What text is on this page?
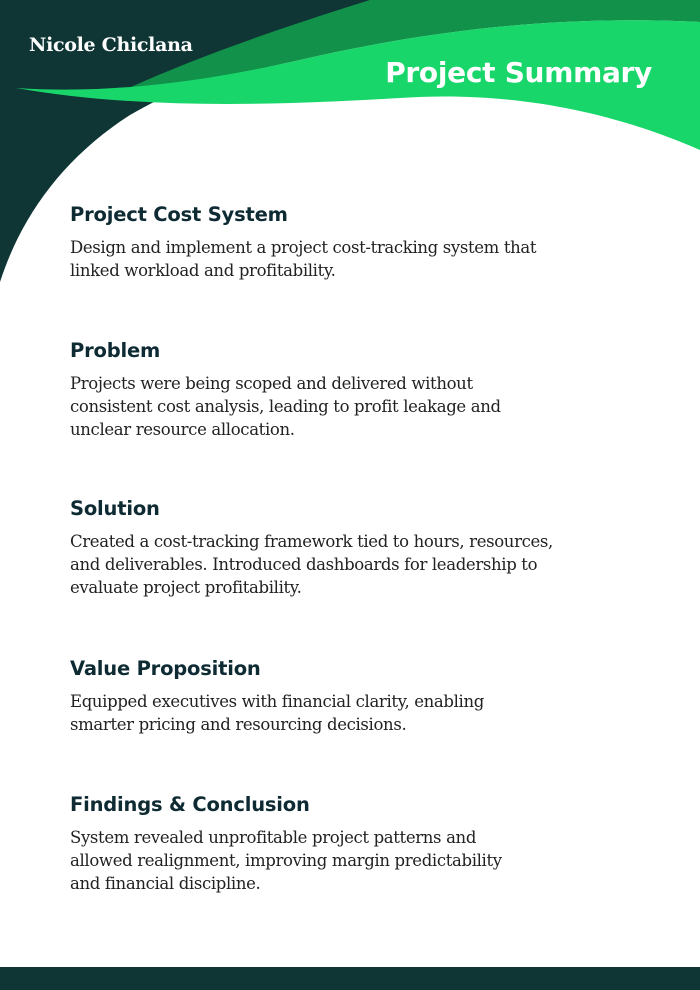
Nicole Chiclana
Project Summary
Project Cost System

Design and implement a project cost-tracking system that
linked workload and profitability.

Problem

Projects were being scoped and delivered without
consistent cost analysis, leading to profit leakage and
unclear resource allocation.

Solution

Created a cost-tracking framework tied to hours, resources,
and deliverables. Introduced dashboards for leadership to
evaluate project profitability.

Value Proposition

Equipped executives with financial clarity, enabling
smarter pricing and resourcing decisions.

Findings & Conclusion

System revealed unprofitable project patterns and
allowed realignment, improving margin predictability
and financial discipline.
